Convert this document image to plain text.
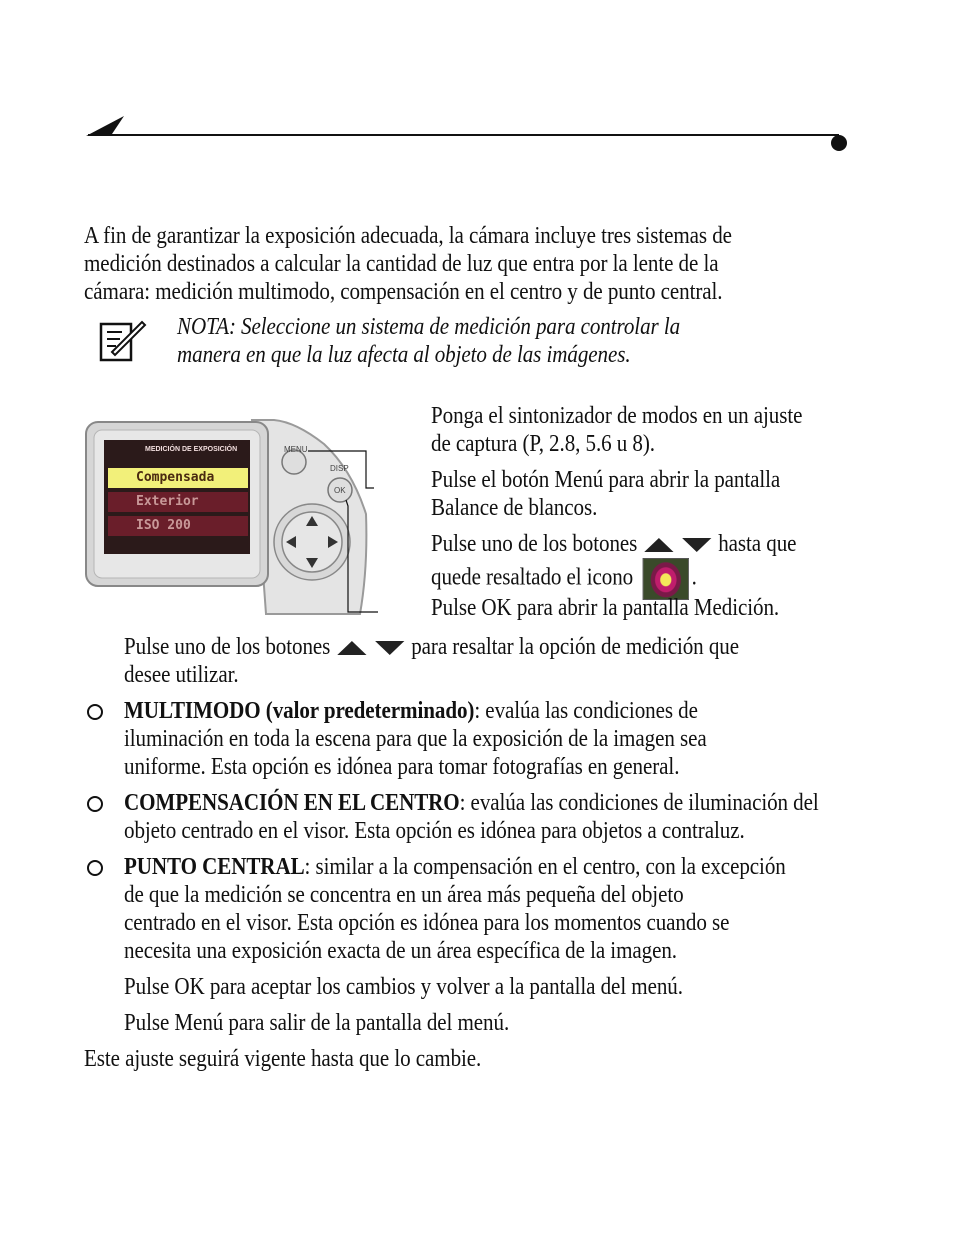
A fin de garantizar la exposición adecuada, la cámara incluye tres sistemas de
medición destinados a calcular la cantidad de luz que entra por la lente de la
cámara: medición multimodo, compensación en el centro y de punto central.
NOTA: Seleccione un sistema de medición para controlar la
manera en que la luz afecta al objeto de las imágenes.
MEDICIÓN DE EXPOSICIÓN
Compensada
Exterior
ISO 200
MENU
DISP
OK
Ponga el sintonizador de modos en un ajuste
de captura (P, 2.8, 5.6 u 8).
Pulse el botón Menú para abrir la pantalla
Balance de blancos.
Pulse uno de los botones	hasta que
quede resaltado el icono .
Pulse OK para abrir la pantalla Medición.
Pulse uno de los botones	para resaltar la opción de medición que
desee utilizar.
MULTIMODO (valor predeterminado): evalúa las condiciones de
iluminación en toda la escena para que la exposición de la imagen sea
uniforme. Esta opción es idónea para tomar fotografías en general.
COMPENSACIÓN EN EL CENTRO: evalúa las condiciones de iluminación del
objeto centrado en el visor. Esta opción es idónea para objetos a contraluz.
PUNTO CENTRAL: similar a la compensación en el centro, con la excepción
de que la medición se concentra en un área más pequeña del objeto
centrado en el visor. Esta opción es idónea para los momentos cuando se
necesita una exposición exacta de un área específica de la imagen.
Pulse OK para aceptar los cambios y volver a la pantalla del menú.
Pulse Menú para salir de la pantalla del menú.
Este ajuste seguirá vigente hasta que lo cambie.
